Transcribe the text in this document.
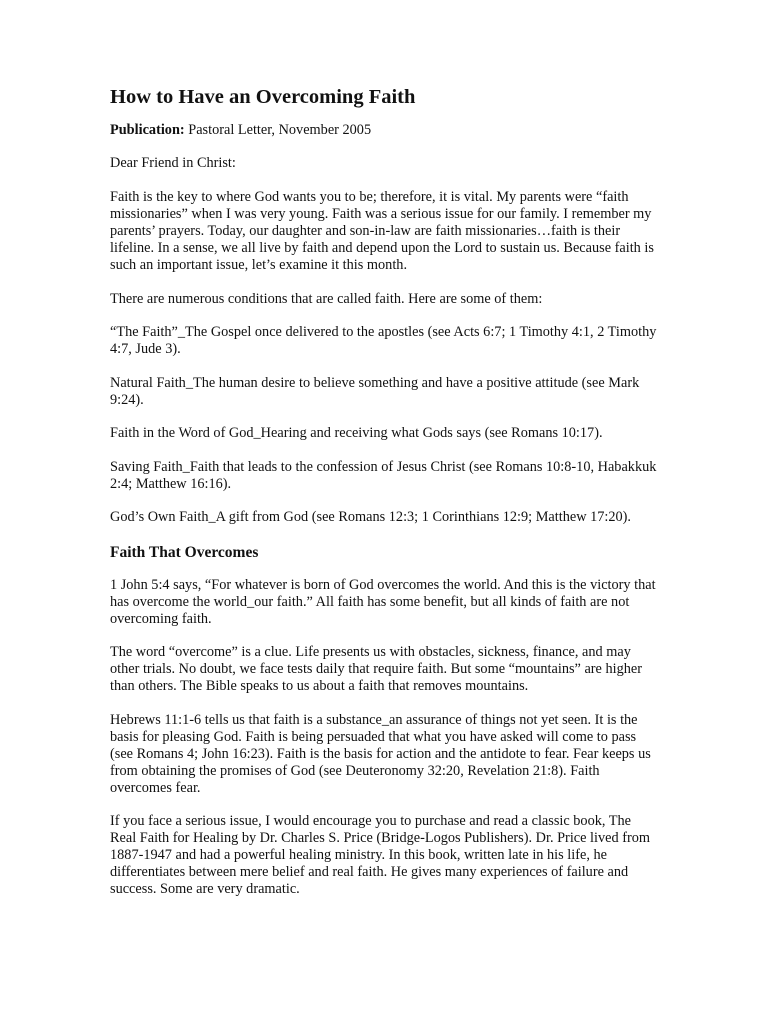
How to Have an Overcoming Faith
Publication: Pastoral Letter, November 2005
Dear Friend in Christ:

Faith is the key to where God wants you to be; therefore, it is vital. My parents were “faith missionaries” when I was very young. Faith was a serious issue for our family. I remember my parents’ prayers. Today, our daughter and son-in-law are faith missionaries…faith is their lifeline. In a sense, we all live by faith and depend upon the Lord to sustain us. Because faith is such an important issue, let’s examine it this month.

There are numerous conditions that are called faith. Here are some of them:

“The Faith”_The Gospel once delivered to the apostles (see Acts 6:7; 1 Timothy 4:1, 2 Timothy 4:7, Jude 3).

Natural Faith_The human desire to believe something and have a positive attitude (see Mark 9:24).

Faith in the Word of God_Hearing and receiving what Gods says (see Romans 10:17).

Saving Faith_Faith that leads to the confession of Jesus Christ (see Romans 10:8-10, Habakkuk 2:4; Matthew 16:16).

God’s Own Faith_A gift from God (see Romans 12:3; 1 Corinthians 12:9; Matthew 17:20).

Faith That Overcomes

1 John 5:4 says, “For whatever is born of God overcomes the world. And this is the victory that has overcome the world_our faith.” All faith has some benefit, but all kinds of faith are not overcoming faith.

The word “overcome” is a clue. Life presents us with obstacles, sickness, finance, and may other trials. No doubt, we face tests daily that require faith. But some “mountains” are higher than others. The Bible speaks to us about a faith that removes mountains.

Hebrews 11:1-6 tells us that faith is a substance_an assurance of things not yet seen. It is the basis for pleasing God. Faith is being persuaded that what you have asked will come to pass (see Romans 4; John 16:23). Faith is the basis for action and the antidote to fear. Fear keeps us from obtaining the promises of God (see Deuteronomy 32:20, Revelation 21:8). Faith overcomes fear.

If you face a serious issue, I would encourage you to purchase and read a classic book, The Real Faith for Healing by Dr. Charles S. Price (Bridge-Logos Publishers). Dr. Price lived from 1887-1947 and had a powerful healing ministry. In this book, written late in his life, he differentiates between mere belief and real faith. He gives many experiences of failure and success. Some are very dramatic.
